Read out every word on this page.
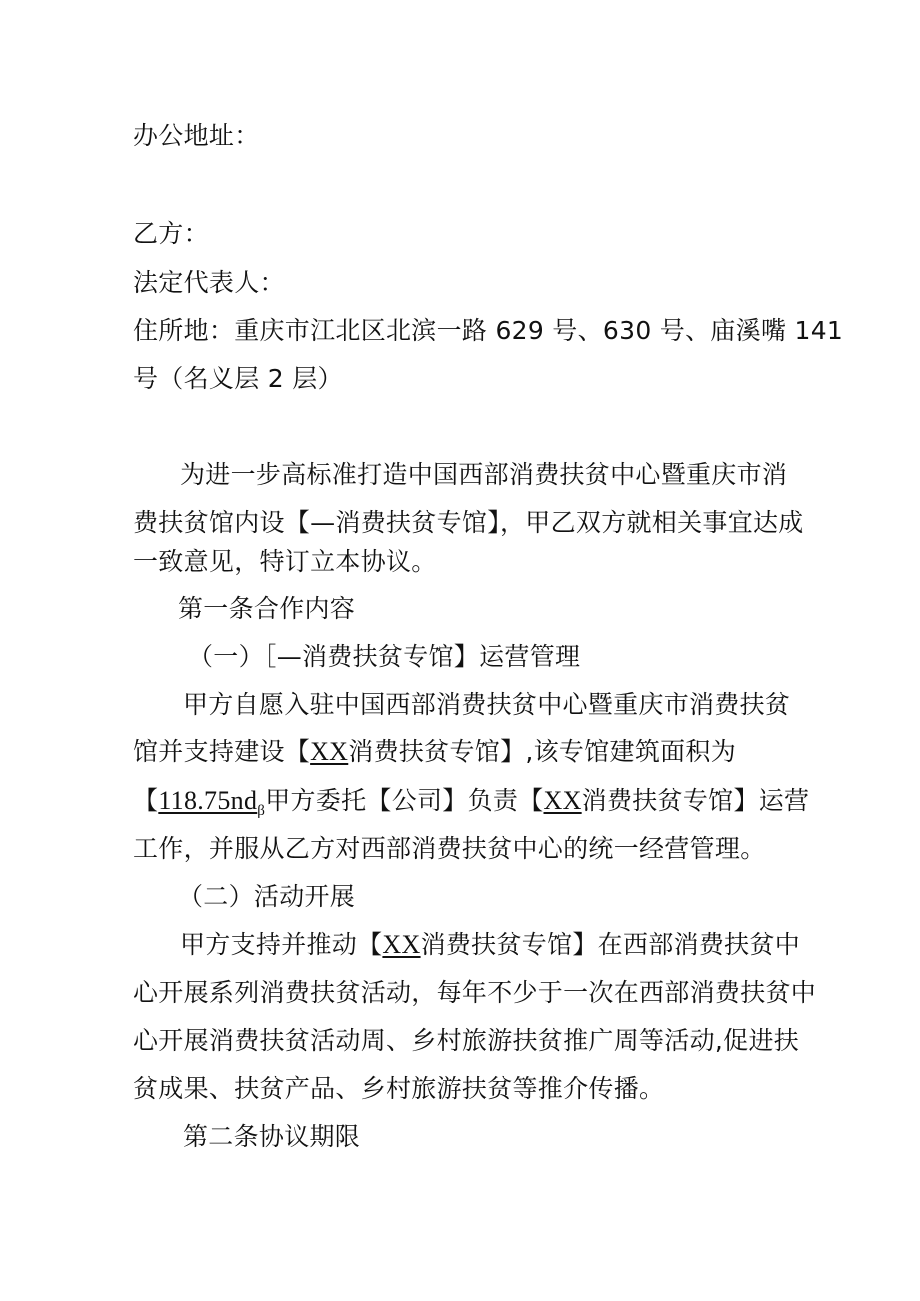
办公地址：
乙方：
法定代表人：
住所地：重庆市江北区北滨一路 629 号、630 号、庙溪嘴 141
号（名义层 2 层）
为进一步高标准打造中国西部消费扶贫中心暨重庆市消
费扶贫馆内设【—消费扶贫专馆】，甲乙双方就相关事宜达成
一致意见，特订立本协议。
第一条合作内容
（一）［—消费扶贫专馆】运营管理
甲方自愿入驻中国西部消费扶贫中心暨重庆市消费扶贫
馆并支持建设【XX消费扶贫专馆】,该专馆建筑面积为
【$118.75nd_\beta$甲方委托【公司】负责【XX消费扶贫专馆】运营
工作，并服从乙方对西部消费扶贫中心的统一经营管理。
（二）活动开展
甲方支持并推动【XX消费扶贫专馆】在西部消费扶贫中
心开展系列消费扶贫活动，每年不少于一次在西部消费扶贫中
心开展消费扶贫活动周、乡村旅游扶贫推广周等活动,促进扶
贫成果、扶贫产品、乡村旅游扶贫等推介传播。
第二条协议期限
